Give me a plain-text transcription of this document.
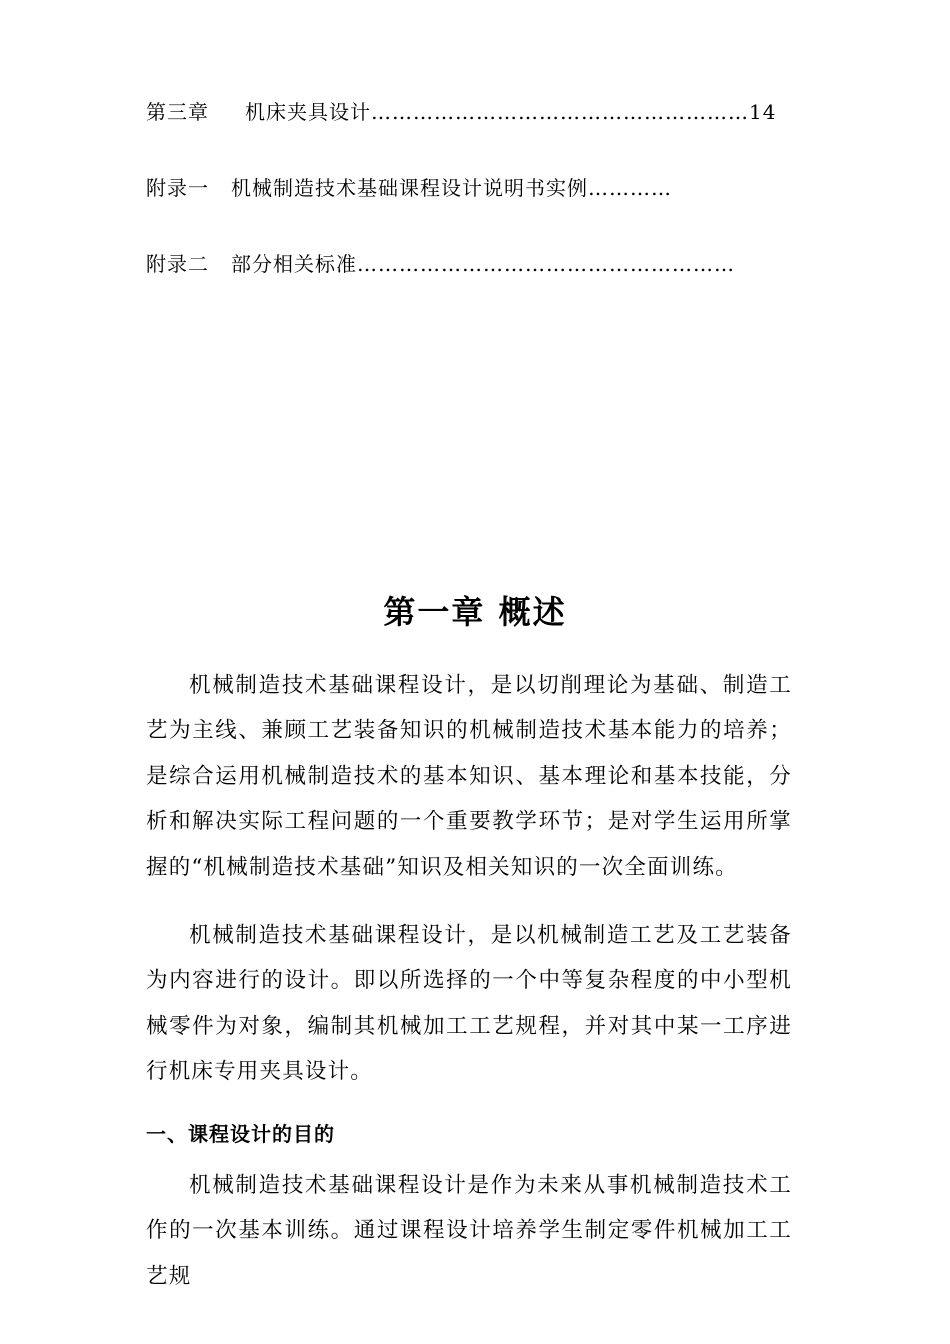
第三章 机床夹具设计………………………………………………14
附录一 机械制造技术基础课程设计说明书实例…………
附录二 部分相关标准………………………………………………
第一章 概述

机械制造技术基础课程设计，是以切削理论为基础、制造工艺为主线、兼顾工艺装备知识的机械制造技术基本能力的培养；是综合运用机械制造技术的基本知识、基本理论和基本技能，分析和解决实际工程问题的一个重要教学环节；是对学生运用所掌握的“机械制造技术基础”知识及相关知识的一次全面训练。

机械制造技术基础课程设计，是以机械制造工艺及工艺装备为内容进行的设计。即以所选择的一个中等复杂程度的中小型机械零件为对象，编制其机械加工工艺规程，并对其中某一工序进行机床专用夹具设计。

一、课程设计的目的

机械制造技术基础课程设计是作为未来从事机械制造技术工作的一次基本训练。通过课程设计培养学生制定零件机械加工工艺规
